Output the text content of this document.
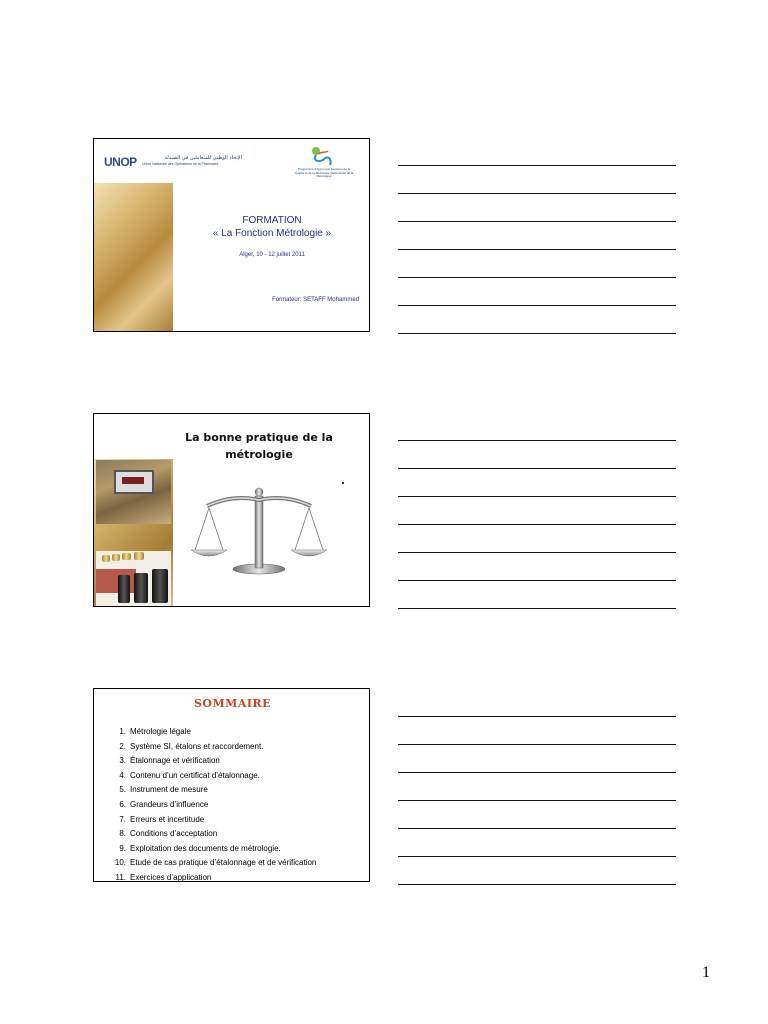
UNOP	الإتحاد الوطني للمتعاملين في الصيدلة
Union Nationale des Opérateurs de la Pharmacie
Programme d'Appui aux Secteurs de la Qualité et de la Métrologie (Référentiel de la Métrologie)
FORMATION
« La Fonction Métrologie »
Alger, 10 - 12 juillet 2011
Formateur: SETAFF Mohammed
La bonne pratique de la
métrologie
SOMMAIRE
1. Métrologie légale
2. Système SI, étalons et raccordement.
3. Étalonnage et vérification
4. Contenu d’un certificat d’étalonnage.
5. Instrument de mesure
6. Grandeurs d’influence
7. Erreurs et incertitude
8. Conditions d’acceptation
9. Exploitation des documents de métrologie.
10. Etude de cas pratique d’étalonnage et de vérification
11. Exercices d’application
1
